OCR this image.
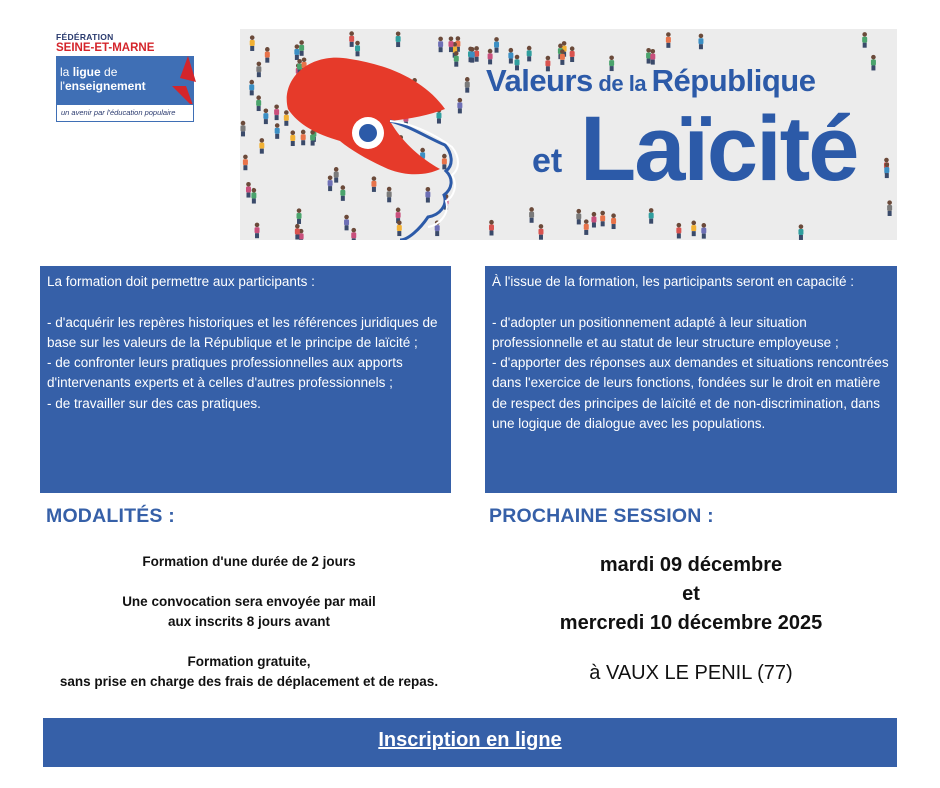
FÉDÉRATION
SEINE-ET-MARNE
la ligue de
l'enseignement
un avenir par l'éducation populaire
Valeurs de la République
et Laïcité

La formation doit permettre aux participants :

- d'acquérir les repères historiques et les références juridiques de base sur les valeurs de la République et le principe de laïcité ;

- de confronter leurs pratiques professionnelles aux apports d'intervenants experts et à celles d'autres professionnels ;

- de travailler sur des cas pratiques.

À l'issue de la formation, les participants seront en capacité :

- d'adopter un positionnement adapté à leur situation professionnelle et au statut de leur structure employeuse ;

- d'apporter des réponses aux demandes et situations rencontrées dans l'exercice de leurs fonctions, fondées sur le droit en matière de respect des principes de laïcité et de non-discrimination, dans une logique de dialogue avec les populations.

MODALITÉS :	PROCHAINE SESSION :
Formation d'une durée de 2 jours
Une convocation sera envoyée par mail
aux inscrits 8 jours avant
Formation gratuite,
sans prise en charge des frais de déplacement et de repas.
mardi 09 décembre
et
mercredi 10 décembre 2025
à VAUX LE PENIL (77)
Inscription en ligne
